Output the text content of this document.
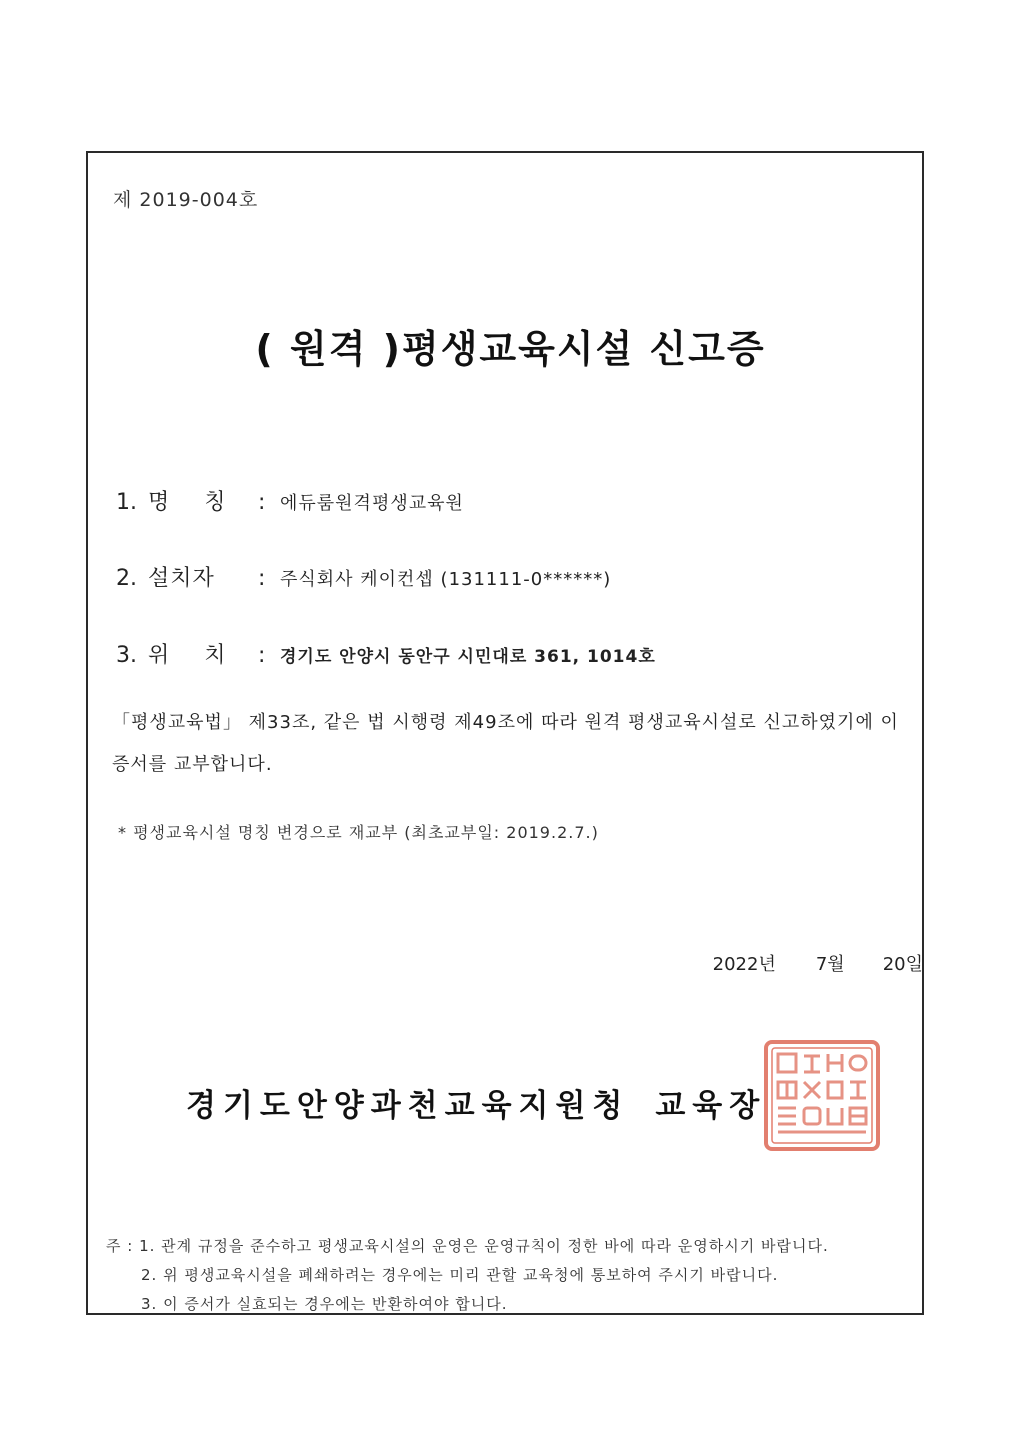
제 2019-004호
( 원격 )평생교육시설 신고증
1. 명 칭 : 에듀룸원격평생교육원
2. 설치자 : 주식회사 케이컨셉 (131111-0******)
3. 위 치 : 경기도 안양시 동안구 시민대로 361, 1014호
「평생교육법」 제33조, 같은 법 시행령 제49조에 따라 원격 평생교육시설로 신고하였기에 이 증서를 교부합니다.
* 평생교육시설 명칭 변경으로 재교부 (최초교부일: 2019.2.7.)
2022년 7월 20일
경기도안양과천교육지원청 교육장
주 : 1. 관계 규정을 준수하고 평생교육시설의 운영은 운영규칙이 정한 바에 따라 운영하시기 바랍니다.
2. 위 평생교육시설을 폐쇄하려는 경우에는 미리 관할 교육청에 통보하여 주시기 바랍니다.
3. 이 증서가 실효되는 경우에는 반환하여야 합니다.
